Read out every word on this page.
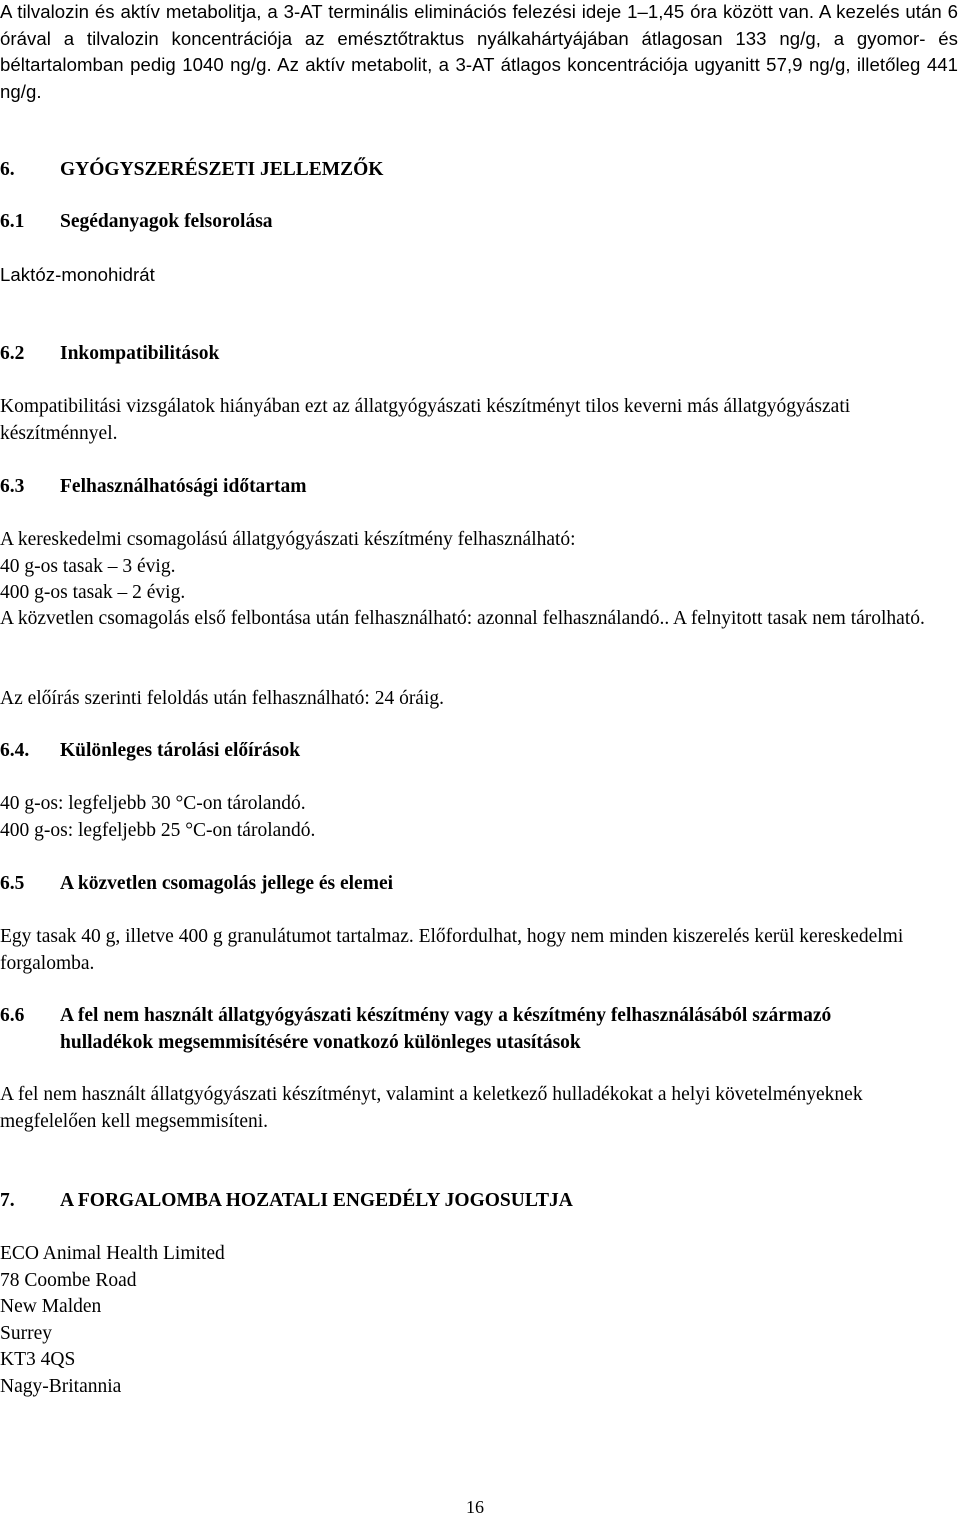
A tilvalozin és aktív metabolitja, a 3-AT terminális eliminációs felezési ideje 1–1,45 óra között van. A kezelés után 6 órával a tilvalozin koncentrációja az emésztőtraktus nyálkahártyájában átlagosan 133 ng/g, a gyomor- és béltartalomban pedig 1040 ng/g. Az aktív metabolit, a 3-AT átlagos koncentrációja ugyanitt 57,9 ng/g, illetőleg 441 ng/g.

6.	GYÓGYSZERÉSZETI JELLEMZŐK
6.1	Segédanyagok felsorolása

Laktóz-monohidrát

6.2	Inkompatibilitások

Kompatibilitási vizsgálatok hiányában ezt az állatgyógyászati készítményt tilos keverni más állatgyógyászati készítménnyel.

6.3	Felhasználhatósági időtartam
A kereskedelmi csomagolású állatgyógyászati készítmény felhasználható:
40 g-os tasak – 3 évig.
400 g-os tasak – 2 évig.

A közvetlen csomagolás első felbontása után felhasználható: azonnal felhasználandó.. A felnyitott tasak nem tárolható.

Az előírás szerinti feloldás után felhasználható: 24 óráig.

6.4.	Különleges tárolási előírások
40 g-os: legfeljebb 30 °C-on tárolandó.
400 g-os: legfeljebb 25 °C-on tárolandó.
6.5	A közvetlen csomagolás jellege és elemei

Egy tasak 40 g, illetve 400 g granulátumot tartalmaz. Előfordulhat, hogy nem minden kiszerelés kerül kereskedelmi forgalomba.

6.6	A fel nem használt állatgyógyászati készítmény vagy a készítmény felhasználásából származó hulladékok megsemmisítésére vonatkozó különleges utasítások

A fel nem használt állatgyógyászati készítményt, valamint a keletkező hulladékokat a helyi követelményeknek megfelelően kell megsemmisíteni.

7.	A FORGALOMBA HOZATALI ENGEDÉLY JOGOSULTJA
ECO Animal Health Limited
78 Coombe Road
New Malden
Surrey
KT3 4QS
Nagy-Britannia
16
